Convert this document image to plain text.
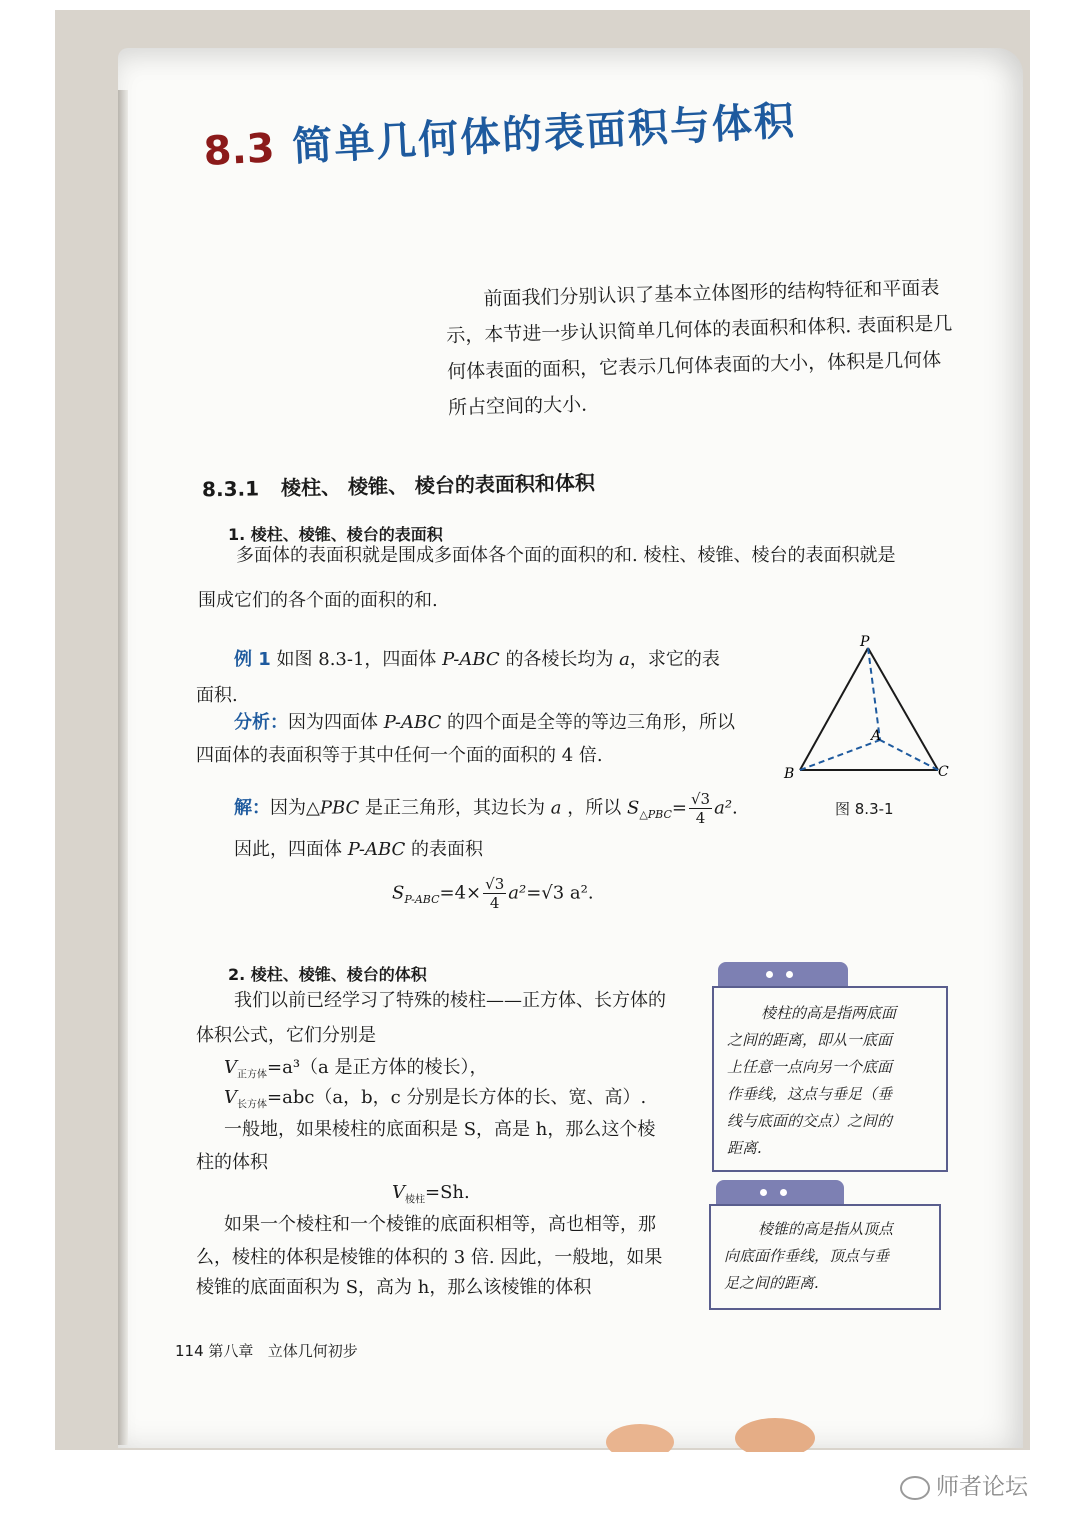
8.3 简单几何体的表面积与体积
前面我们分别认识了基本立体图形的结构特征和平面表示，本节进一步认识简单几何体的表面积和体积. 表面积是几何体表面的面积，它表示几何体表面的大小，体积是几何体所占空间的大小.
8.3.1 棱柱、 棱锥、 棱台的表面积和体积
1. 棱柱、棱锥、棱台的表面积
多面体的表面积就是围成多面体各个面的面积的和. 棱柱、棱锥、棱台的表面积就是
围成它们的各个面的面积的和.
例 1 如图 8.3-1，四面体 P-ABC 的各棱长均为 a，求它的表
面积.
分析：因为四面体 P-ABC 的四个面是全等的等边三角形，所以
四面体的表面积等于其中任何一个面的面积的 4 倍.
解：因为△PBC 是正三角形，其边长为 a ，所以 $S_{\triangle PBC}= \frac{√3}{4} a^2$.
因此，四面体 P-ABC 的表面积
$S_{P-ABC}=4\times \frac{√3}{4} a^2=√3$ a².
P
A
B	C
图 8.3-1
2. 棱柱、棱锥、棱台的体积
我们以前已经学习了特殊的棱柱——正方体、长方体的
体积公式，它们分别是
$V_{正方体}=a^3(a$ 是正方体的棱长），
$V_{长方体}=abc(a$，b，c 分别是长方体的长、宽、高）.
一般地，如果棱柱的底面积是 S，高是 h，那么这个棱
柱的体积
$V_{棱柱}=Sh$.
如果一个棱柱和一个棱锥的底面积相等，高也相等，那
么，棱柱的体积是棱锥的体积的 3 倍. 因此，一般地，如果
棱锥的底面面积为 S，高为 h，那么该棱锥的体积
棱柱的高是指两底面
之间的距离，即从一底面
上任意一点向另一个底面
作垂线，这点与垂足（垂
线与底面的交点）之间的
距离.
棱锥的高是指从顶点
向底面作垂线，顶点与垂
足之间的距离.
114 第八章 立体几何初步
师者论坛
